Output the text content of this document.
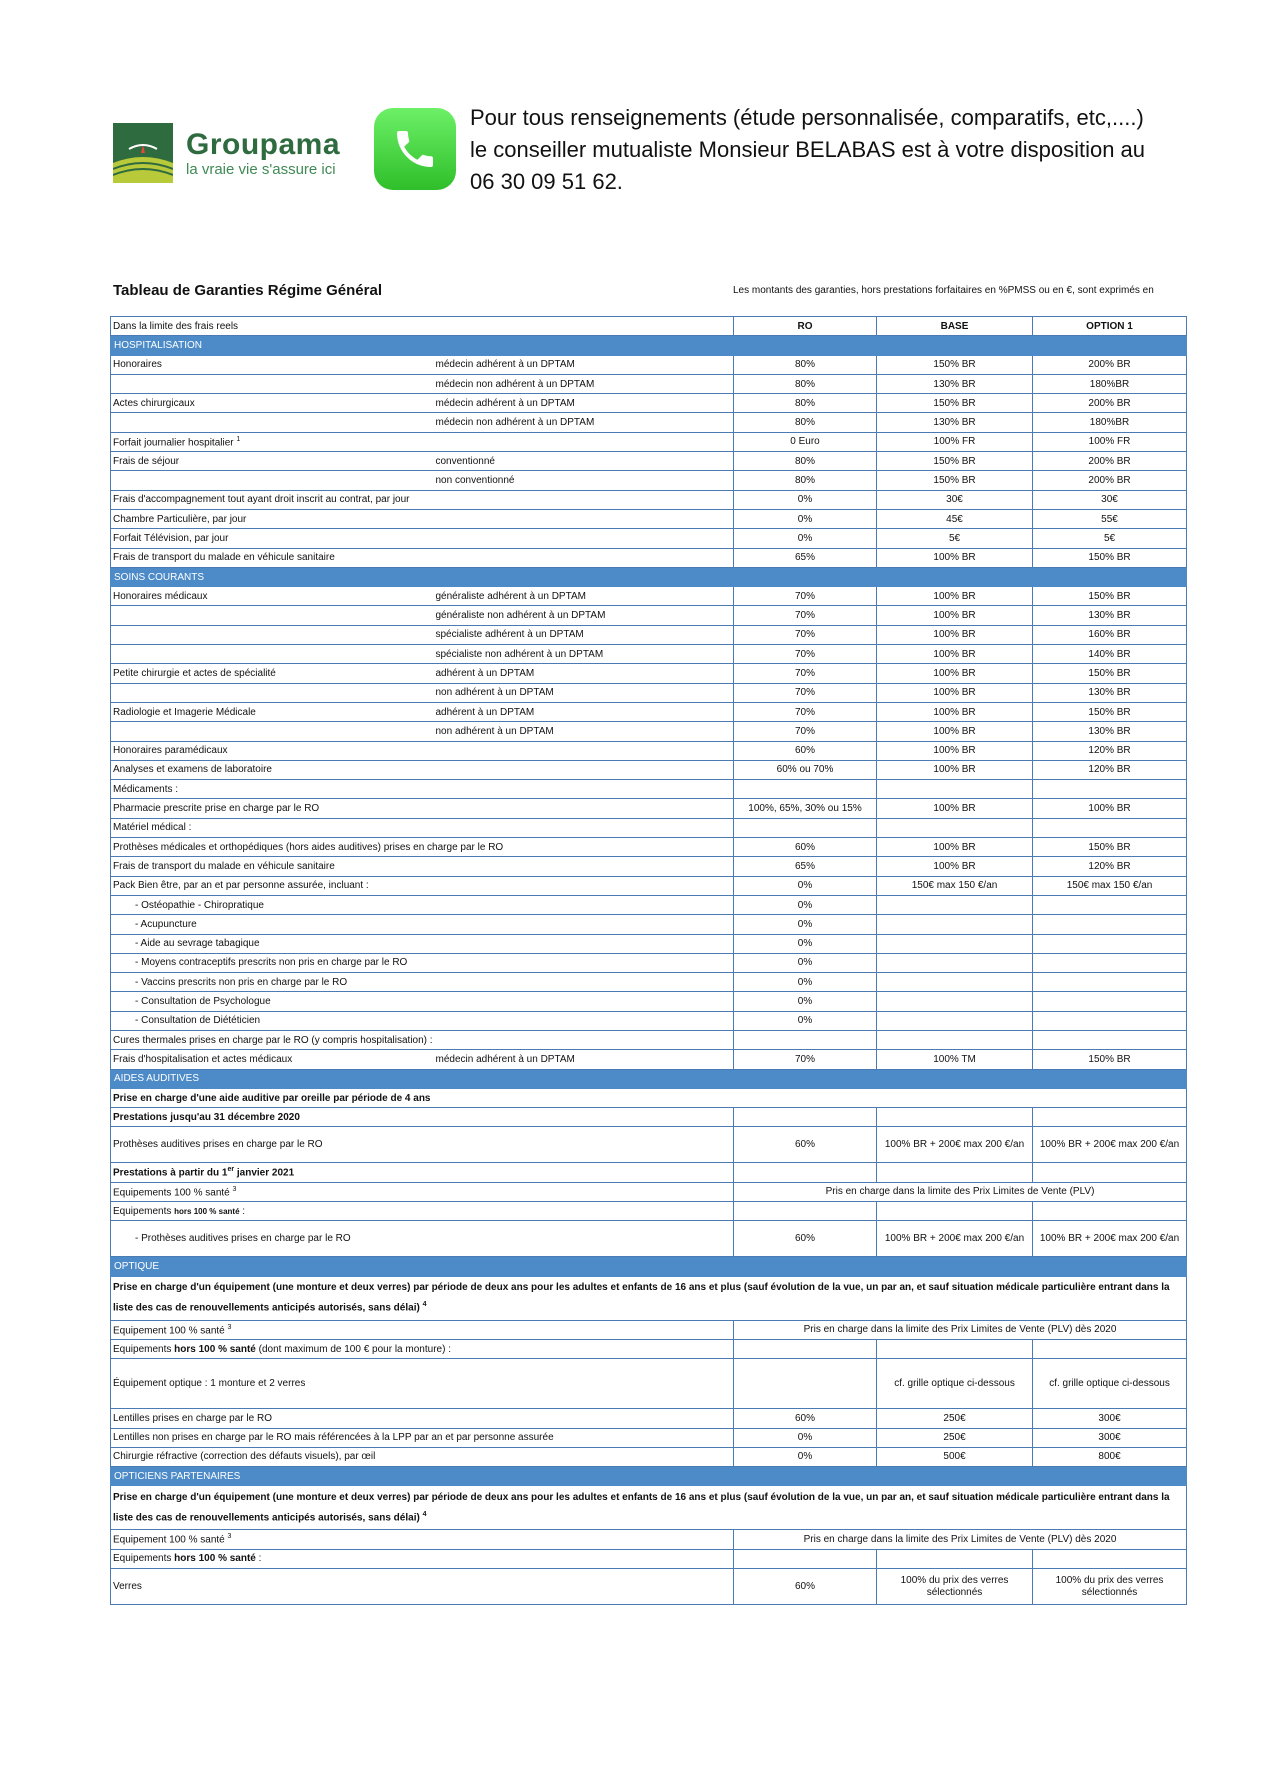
Groupama
la vraie vie s'assure ici
Pour tous renseignements (étude personnalisée, comparatifs, etc,....)
le conseiller mutualiste Monsieur BELABAS est à votre disposition au
06 30 09 51 62.
Tableau de Garanties Régime Général	Les montants des garanties, hors prestations forfaitaires en %PMSS ou en €, sont exprimés en
Dans la limite des frais reels		RO	BASE	OPTION 1
HOSPITALISATION				
Honoraires	médecin adhérent à un DPTAM	80%	150% BR	200% BR
	médecin non adhérent à un DPTAM	80%	130% BR	180%BR
Actes chirurgicaux	médecin adhérent à un DPTAM	80%	150% BR	200% BR
	médecin non adhérent à un DPTAM	80%	130% BR	180%BR
Forfait journalier hospitalier $^1$		0 Euro	100% FR	100% FR
Frais de séjour	conventionné	80%	150% BR	200% BR
	non conventionné	80%	150% BR	200% BR
Frais d'accompagnement tout ayant droit inscrit au contrat, par jour		0%	30€	30€
Chambre Particulière, par jour		0%	45€	55€
Forfait Télévision, par jour		0%	5€	5€
Frais de transport du malade en véhicule sanitaire		65%	100% BR	150% BR
SOINS COURANTS				
Honoraires médicaux	généraliste adhérent à un DPTAM	70%	100% BR	150% BR
	généraliste non adhérent à un DPTAM	70%	100% BR	130% BR
	spécialiste adhérent à un DPTAM	70%	100% BR	160% BR
	spécialiste non adhérent à un DPTAM	70%	100% BR	140% BR
Petite chirurgie et actes de spécialité	adhérent à un DPTAM	70%	100% BR	150% BR
	non adhérent à un DPTAM	70%	100% BR	130% BR
Radiologie et Imagerie Médicale	adhérent à un DPTAM	70%	100% BR	150% BR
	non adhérent à un DPTAM	70%	100% BR	130% BR
Honoraires paramédicaux		60%	100% BR	120% BR
Analyses et examens de laboratoire		60% ou 70%	100% BR	120% BR
Médicaments :				
Pharmacie prescrite prise en charge par le RO		100%, 65%, 30% ou 15%	100% BR	100% BR
Matériel médical :				
Prothèses médicales et orthopédiques (hors aides auditives) prises en charge par le RO		60%	100% BR	150% BR
Frais de transport du malade en véhicule sanitaire		65%	100% BR	120% BR
Pack Bien être, par an et par personne assurée, incluant :		0%	150€ max 150 €/an	150€ max 150 €/an
- Ostéopathie - Chiropratique		0%		
- Acupuncture		0%		
- Aide au sevrage tabagique		0%		
- Moyens contraceptifs prescrits non pris en charge par le RO		0%		
- Vaccins prescrits non pris en charge par le RO		0%		
- Consultation de Psychologue		0%		
- Consultation de Diététicien		0%		
Cures thermales prises en charge par le RO (y compris hospitalisation) :				
Frais d'hospitalisation et actes médicaux	médecin adhérent à un DPTAM	70%	100% TM	150% BR
AIDES AUDITIVES				
Prise en charge d'une aide auditive par oreille par période de 4 ans				
Prestations jusqu'au 31 décembre 2020				
Prothèses auditives prises en charge par le RO		60%	100% BR + 200€ max 200 €/an	100% BR + 200€ max 200 €/an
Prestations à partir du 1er janvier 2021				
Equipements 100 % santé $^3$		Pris en charge dans la limite des Prix Limites de Vente (PLV)		
Equipements hors 100 % santé :				
- Prothèses auditives prises en charge par le RO		60%	100% BR + 200€ max 200 €/an	100% BR + 200€ max 200 €/an
OPTIQUE				
Prise en charge d'un équipement (une monture et deux verres) par période de deux ans pour les adultes et enfants de 16 ans et plus (sauf évolution de la vue, un par an, et sauf situation médicale particulière entrant dans la liste des cas de renouvellements anticipés autorisés, sans délai) $^4$
Equipement 100 % santé $^3$		Pris en charge dans la limite des Prix Limites de Vente (PLV) dès 2020		
Equipements hors 100 % santé (dont maximum de 100 € pour la monture) :				
Équipement optique : 1 monture et 2 verres			cf. grille optique ci-dessous	cf. grille optique ci-dessous
Lentilles prises en charge par le RO		60%	250€	300€
Lentilles non prises en charge par le RO mais référencées à la LPP par an et par personne assurée		0%	250€	300€
Chirurgie réfractive (correction des défauts visuels), par œil		0%	500€	800€
OPTICIENS PARTENAIRES				
Prise en charge d'un équipement (une monture et deux verres) par période de deux ans pour les adultes et enfants de 16 ans et plus (sauf évolution de la vue, un par an, et sauf situation médicale particulière entrant dans la liste des cas de renouvellements anticipés autorisés, sans délai) $^4$
Equipement 100 % santé $^3$		Pris en charge dans la limite des Prix Limites de Vente (PLV) dès 2020		
Equipements hors 100 % santé :				
Verres		60%	100% du prix des verres sélectionnés	100% du prix des verres sélectionnés
